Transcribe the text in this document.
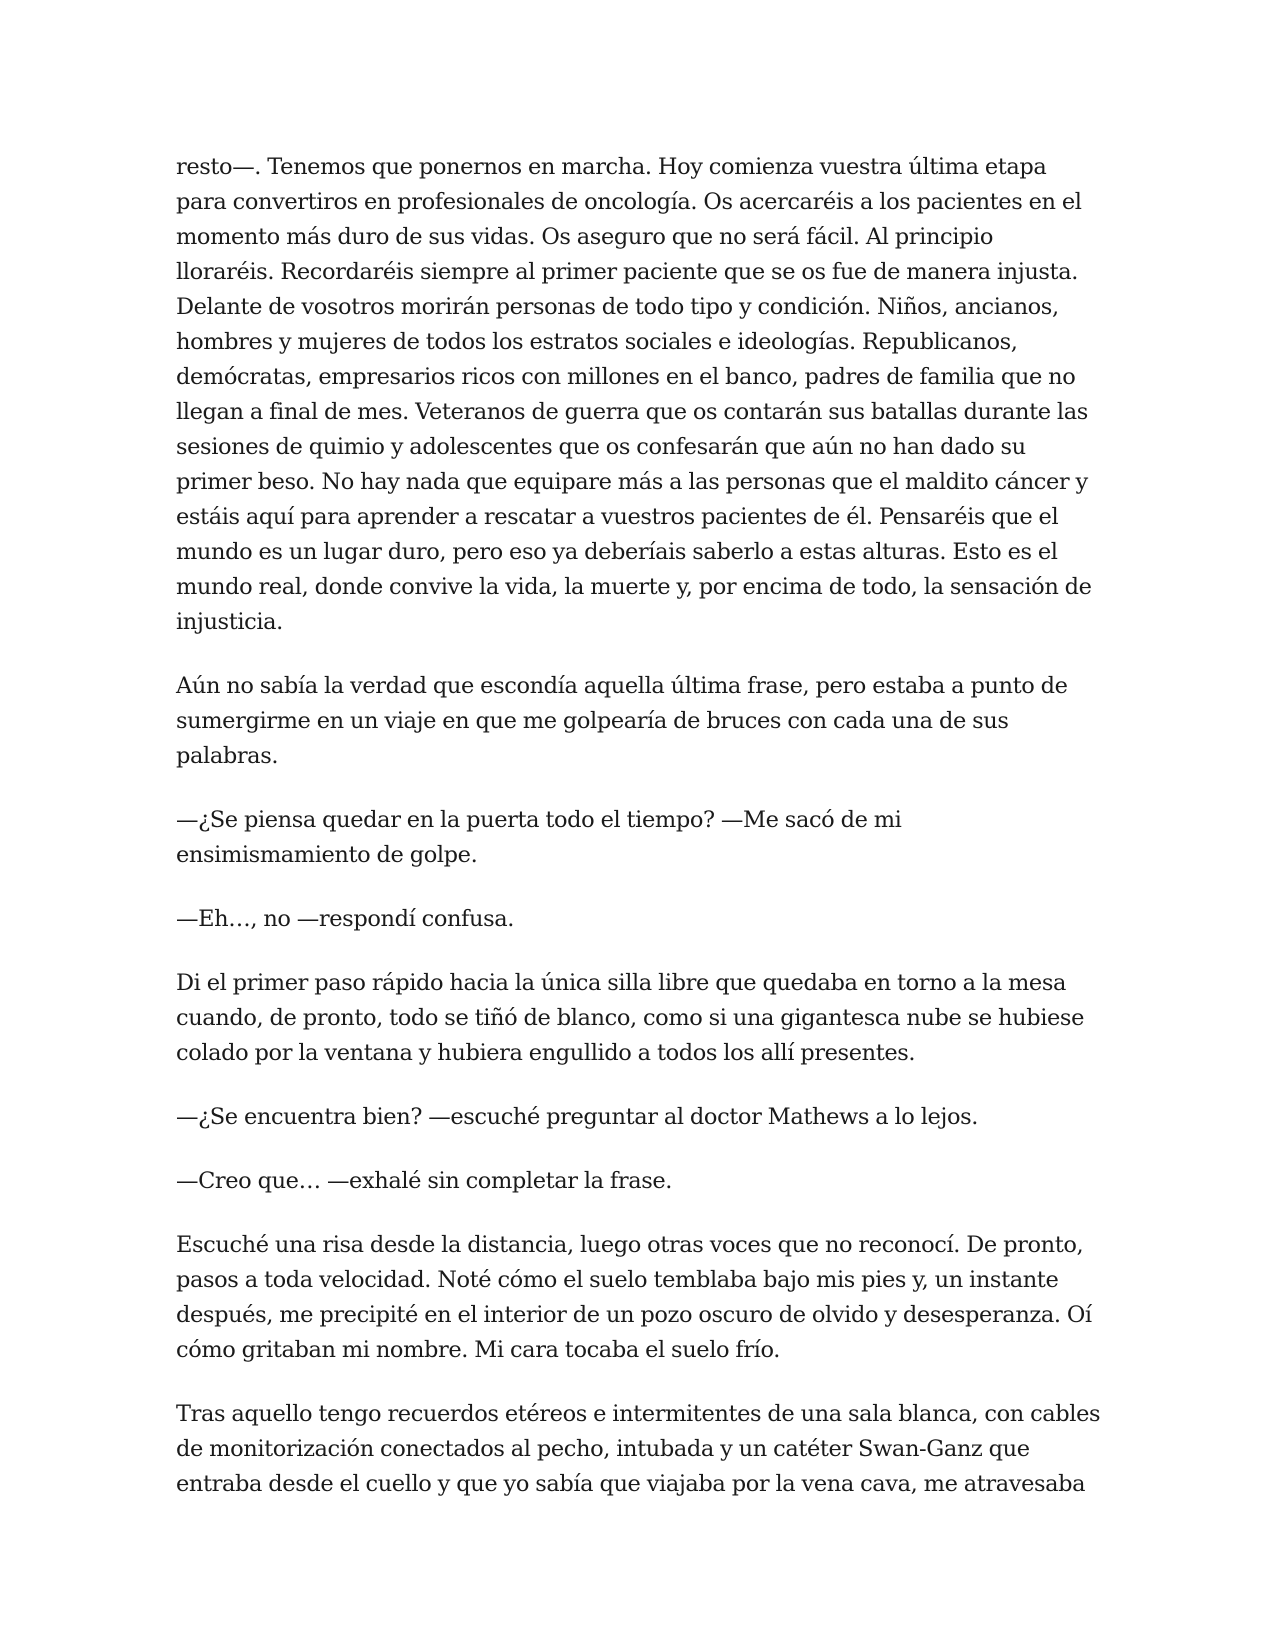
resto—. Tenemos que ponernos en marcha. Hoy comienza vuestra última etapa
para convertiros en profesionales de oncología. Os acercaréis a los pacientes en el
momento más duro de sus vidas. Os aseguro que no será fácil. Al principio
lloraréis. Recordaréis siempre al primer paciente que se os fue de manera injusta.
Delante de vosotros morirán personas de todo tipo y condición. Niños, ancianos,
hombres y mujeres de todos los estratos sociales e ideologías. Republicanos,
demócratas, empresarios ricos con millones en el banco, padres de familia que no
llegan a final de mes. Veteranos de guerra que os contarán sus batallas durante las
sesiones de quimio y adolescentes que os confesarán que aún no han dado su
primer beso. No hay nada que equipare más a las personas que el maldito cáncer y
estáis aquí para aprender a rescatar a vuestros pacientes de él. Pensaréis que el
mundo es un lugar duro, pero eso ya deberíais saberlo a estas alturas. Esto es el
mundo real, donde convive la vida, la muerte y, por encima de todo, la sensación de
injusticia.
Aún no sabía la verdad que escondía aquella última frase, pero estaba a punto de
sumergirme en un viaje en que me golpearía de bruces con cada una de sus
palabras.
—¿Se piensa quedar en la puerta todo el tiempo? —Me sacó de mi
ensimismamiento de golpe.
—Eh…, no —respondí confusa.
Di el primer paso rápido hacia la única silla libre que quedaba en torno a la mesa
cuando, de pronto, todo se tiñó de blanco, como si una gigantesca nube se hubiese
colado por la ventana y hubiera engullido a todos los allí presentes.
—¿Se encuentra bien? —escuché preguntar al doctor Mathews a lo lejos.
—Creo que… —exhalé sin completar la frase.
Escuché una risa desde la distancia, luego otras voces que no reconocí. De pronto,
pasos a toda velocidad. Noté cómo el suelo temblaba bajo mis pies y, un instante
después, me precipité en el interior de un pozo oscuro de olvido y desesperanza. Oí
cómo gritaban mi nombre. Mi cara tocaba el suelo frío.
Tras aquello tengo recuerdos etéreos e intermitentes de una sala blanca, con cables
de monitorización conectados al pecho, intubada y un catéter Swan-Ganz que
entraba desde el cuello y que yo sabía que viajaba por la vena cava, me atravesaba
